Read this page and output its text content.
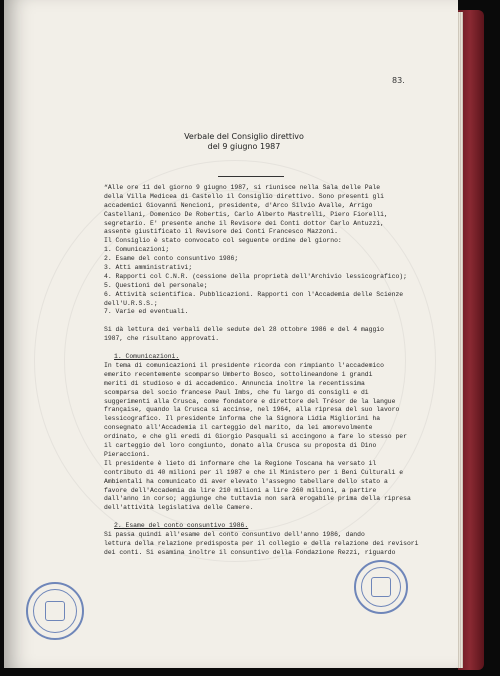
83.
Verbale del Consiglio direttivo
del 9 giugno 1987
“Alle ore 11 del giorno 9 giugno 1987, si riunisce nella Sala delle Pale
della Villa Medicea di Castello il Consiglio direttivo. Sono presenti gli
accademici Giovanni Nencioni, presidente, d'Arco Silvio Avalle, Arrigo
Castellani, Domenico De Robertis, Carlo Alberto Mastrelli, Piero Fiorelli,
segretario. E' presente anche il Revisore dei Conti dottor Carlo Antuzzi,
assente giustificato il Revisore dei Conti Francesco Mazzoni.
Il Consiglio è stato convocato col seguente ordine del giorno:
1. Comunicazioni;
2. Esame del conto consuntivo 1986;
3. Atti amministrativi;
4. Rapporti col C.N.R. (cessione della proprietà dell'Archivio lessicografico);
5. Questioni del personale;
6. Attività scientifica. Pubblicazioni. Rapporti con l'Accademia delle Scienze
dell'U.R.S.S.;
7. Varie ed eventuali.
Si dà lettura dei verbali delle sedute del 28 ottobre 1986 e del 4 maggio
1987, che risultano approvati.
1. Comunicazioni.
In tema di comunicazioni il presidente ricorda con rimpianto l'accademico
emerito recentemente scomparso Umberto Bosco, sottolineandone i grandi
meriti di studioso e di accademico. Annuncia inoltre la recentissima
scomparsa del socio francese Paul Imbs, che fu largo di consigli e di
suggerimenti alla Crusca, come fondatore e direttore del Trésor de la langue
française, quando la Crusca si accinse, nel 1964, alla ripresa del suo lavoro
lessicografico. Il presidente informa che la Signora Lidia Migliorini ha
consegnato all'Accademia il carteggio del marito, da lei amorevolmente
ordinato, e che gli eredi di Giorgio Pasquali si accingono a fare lo stesso per
il carteggio del loro congiunto, donato alla Crusca su proposta di Dino
Pieraccioni.
Il presidente è lieto di informare che la Regione Toscana ha versato il
contributo di 40 milioni per il 1987 e che il Ministero per i Beni Culturali e
Ambientali ha comunicato di aver elevato l'assegno tabellare dello stato a
favore dell'Accademia da lire 210 milioni a lire 260 milioni, a partire
dall'anno in corso; aggiunge che tuttavia non sarà erogabile prima della ripresa
dell'attività legislativa delle Camere.
2. Esame del conto consuntivo 1986.
Si passa quindi all'esame del conto consuntivo dell'anno 1986, dando
lettura della relazione predisposta per il collegio e della relazione dei revisori
dei conti. Si esamina inoltre il consuntivo della Fondazione Rezzi, riguardo
